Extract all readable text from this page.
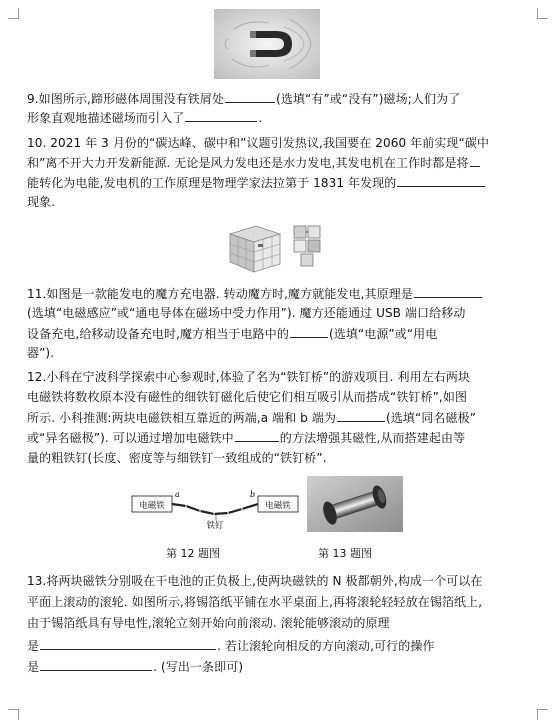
9.如图所示,蹄形磁体周围没有铁屑处	(选填“有”或“没有”)磁场;人们为了
形象直观地描述磁场而引入了	.
10. 2021 年 3 月份的“碳达峰、碳中和”议题引发热议,我国要在 2060 年前实现“碳中
和”离不开大力开发新能源. 无论是风力发电还是水力发电,其发电机在工作时都是将
能转化为电能,发电机的工作原理是物理学家法拉第于 1831 年发现的
现象.
11.如图是一款能发电的魔方充电器. 转动魔方时,魔方就能发电,其原理是
(选填“电磁感应”或“通电导体在磁场中受力作用”). 魔方还能通过 USB 端口给移动
设备充电,给移动设备充电时,魔方相当于电路中的	(选填“电源”或“用电
器”).
12.小科在宁波科学探索中心参观时,体验了名为“铁钉桥”的游戏项目. 利用左右两块
电磁铁将数枚原本没有磁性的细铁钉磁化后使它们相互吸引从而搭成“铁钉桥”,如图
所示. 小科推测:两块电磁铁相互靠近的两端,a 端和 b 端为	(选填“同名磁极”
或“异名磁极”). 可以通过增加电磁铁中	的方法增强其磁性,从而搭建起由等
量的粗铁钉(长度、密度等与细铁钉一致组成的“铁钉桥”.
电磁铁	电磁铁
a	b
铁钉
第 12 题图	第 13 题图
13.将两块磁铁分别吸在干电池的正负极上,使两块磁铁的 N 极都朝外,构成一个可以在
平面上滚动的滚轮. 如图所示,将锡箔纸平铺在水平桌面上,再将滚轮轻轻放在锡箔纸上,
由于锡箔纸具有导电性,滚轮立刻开始向前滚动. 滚轮能够滚动的原理
是	. 若让滚轮向相反的方向滚动,可行的操作
是	. (写出一条即可)
